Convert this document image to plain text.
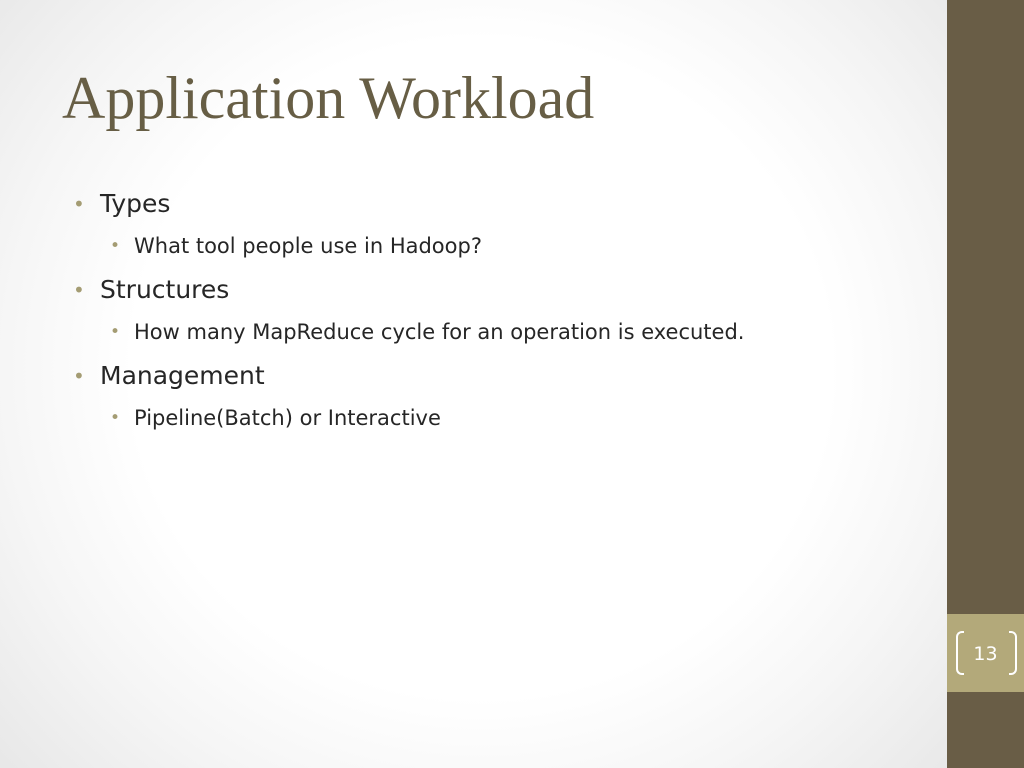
Application Workload
• Types
• What tool people use in Hadoop?
• Structures
• How many MapReduce cycle for an operation is executed.
• Management
• Pipeline(Batch) or Interactive
13
